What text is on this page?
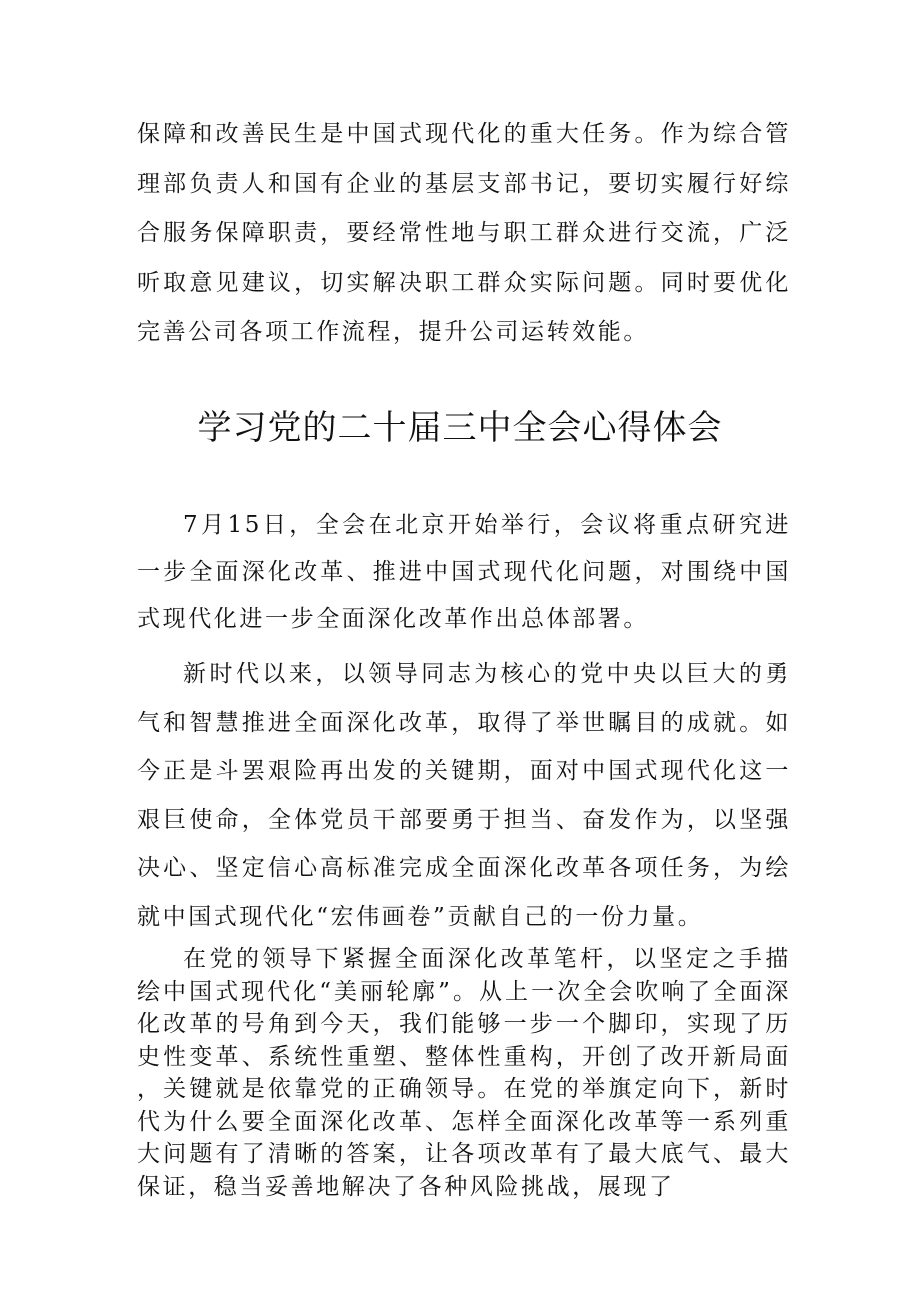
保障和改善民生是中国式现代化的重大任务。作为综合管理部负责人和国有企业的基层支部书记，要切实履行好综合服务保障职责，要经常性地与职工群众进行交流，广泛听取意见建议，切实解决职工群众实际问题。同时要优化完善公司各项工作流程，提升公司运转效能。

学习党的二十届三中全会心得体会

7月15日，全会在北京开始举行，会议将重点研究进一步全面深化改革、推进中国式现代化问题，对围绕中国式现代化进一步全面深化改革作出总体部署。

新时代以来，以领导同志为核心的党中央以巨大的勇气和智慧推进全面深化改革，取得了举世瞩目的成就。如今正是斗罢艰险再出发的关键期，面对中国式现代化这一艰巨使命，全体党员干部要勇于担当、奋发作为，以坚强决心、坚定信心高标准完成全面深化改革各项任务，为绘就中国式现代化“宏伟画卷”贡献自己的一份力量。

在党的领导下紧握全面深化改革笔杆，以坚定之手描绘中国式现代化“美丽轮廓”。从上一次全会吹响了全面深化改革的号角到今天，我们能够一步一个脚印，实现了历史性变革、系统性重塑、整体性重构，开创了改开新局面，关键就是依靠党的正确领导。在党的举旗定向下，新时代为什么要全面深化改革、怎样全面深化改革等一系列重大问题有了清晰的答案，让各项改革有了最大底气、最大保证，稳当妥善地解决了各种风险挑战，展现了
